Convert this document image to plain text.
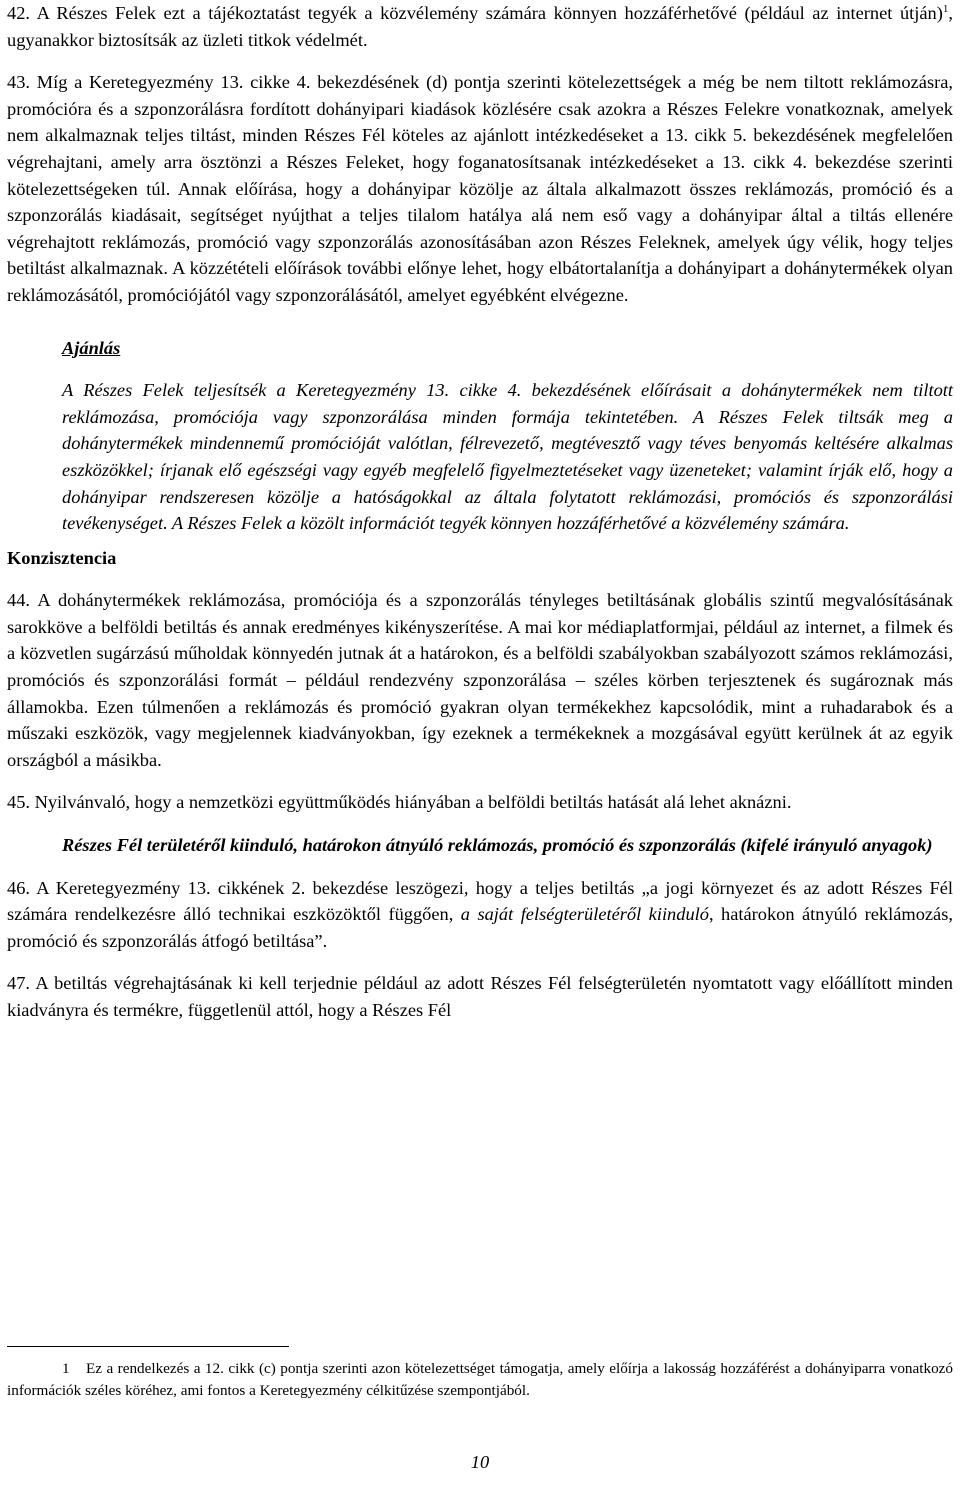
42. A Részes Felek ezt a tájékoztatást tegyék a közvélemény számára könnyen hozzáférhetővé (például az internet útján)$^1$, ugyanakkor biztosítsák az üzleti titkok védelmét.

43. Míg a Keretegyezmény 13. cikke 4. bekezdésének (d) pontja szerinti kötelezettségek a még be nem tiltott reklámozásra, promócióra és a szponzorálásra fordított dohányipari kiadások közlésére csak azokra a Részes Felekre vonatkoznak, amelyek nem alkalmaznak teljes tiltást, minden Részes Fél köteles az ajánlott intézkedéseket a 13. cikk 5. bekezdésének megfelelően végrehajtani, amely arra ösztönzi a Részes Feleket, hogy foganatosítsanak intézkedéseket a 13. cikk 4. bekezdése szerinti kötelezettségeken túl. Annak előírása, hogy a dohányipar közölje az általa alkalmazott összes reklámozás, promóció és a szponzorálás kiadásait, segítséget nyújthat a teljes tilalom hatálya alá nem eső vagy a dohányipar által a tiltás ellenére végrehajtott reklámozás, promóció vagy szponzorálás azonosításában azon Részes Feleknek, amelyek úgy vélik, hogy teljes betiltást alkalmaznak. A közzétételi előírások további előnye lehet, hogy elbátortalanítja a dohányipart a dohánytermékek olyan reklámozásától, promóciójától vagy szponzorálásától, amelyet egyébként elvégezne.

Ajánlás

A Részes Felek teljesítsék a Keretegyezmény 13. cikke 4. bekezdésének előírásait a dohánytermékek nem tiltott reklámozása, promóciója vagy szponzorálása minden formája tekintetében. A Részes Felek tiltsák meg a dohánytermékek mindennemű promócióját valótlan, félrevezető, megtévesztő vagy téves benyomás keltésére alkalmas eszközökkel; írjanak elő egészségi vagy egyéb megfelelő figyelmeztetéseket vagy üzeneteket; valamint írják elő, hogy a dohányipar rendszeresen közölje a hatóságokkal az általa folytatott reklámozási, promóciós és szponzorálási tevékenységet. A Részes Felek a közölt információt tegyék könnyen hozzáférhetővé a közvélemény számára.

Konzisztencia

44. A dohánytermékek reklámozása, promóciója és a szponzorálás tényleges betiltásának globális szintű megvalósításának sarokköve a belföldi betiltás és annak eredményes kikényszerítése. A mai kor médiaplatformjai, például az internet, a filmek és a közvetlen sugárzású műholdak könnyedén jutnak át a határokon, és a belföldi szabályokban szabályozott számos reklámozási, promóciós és szponzorálási formát – például rendezvény szponzorálása – széles körben terjesztenek és sugároznak más államokba. Ezen túlmenően a reklámozás és promóció gyakran olyan termékekhez kapcsolódik, mint a ruhadarabok és a műszaki eszközök, vagy megjelennek kiadványokban, így ezeknek a termékeknek a mozgásával együtt kerülnek át az egyik országból a másikba.

45. Nyilvánvaló, hogy a nemzetközi együttműködés hiányában a belföldi betiltás hatását alá lehet aknázni.

Részes Fél területéről kiinduló, határokon átnyúló reklámozás, promóció és szponzorálás (kifelé irányuló anyagok)

46. A Keretegyezmény 13. cikkének 2. bekezdése leszögezi, hogy a teljes betiltás „a jogi környezet és az adott Részes Fél számára rendelkezésre álló technikai eszközöktől függően, a saját felségterületéről kiinduló, határokon átnyúló reklámozás, promóció és szponzorálás átfogó betiltása”.

47. A betiltás végrehajtásának ki kell terjednie például az adott Részes Fél felségterületén nyomtatott vagy előállított minden kiadványra és termékre, függetlenül attól, hogy a Részes Fél

1 Ez a rendelkezés a 12. cikk (c) pontja szerinti azon kötelezettséget támogatja, amely előírja a lakosság hozzáférést a dohányiparra vonatkozó információk széles köréhez, ami fontos a Keretegyezmény célkitűzése szempontjából.

10
